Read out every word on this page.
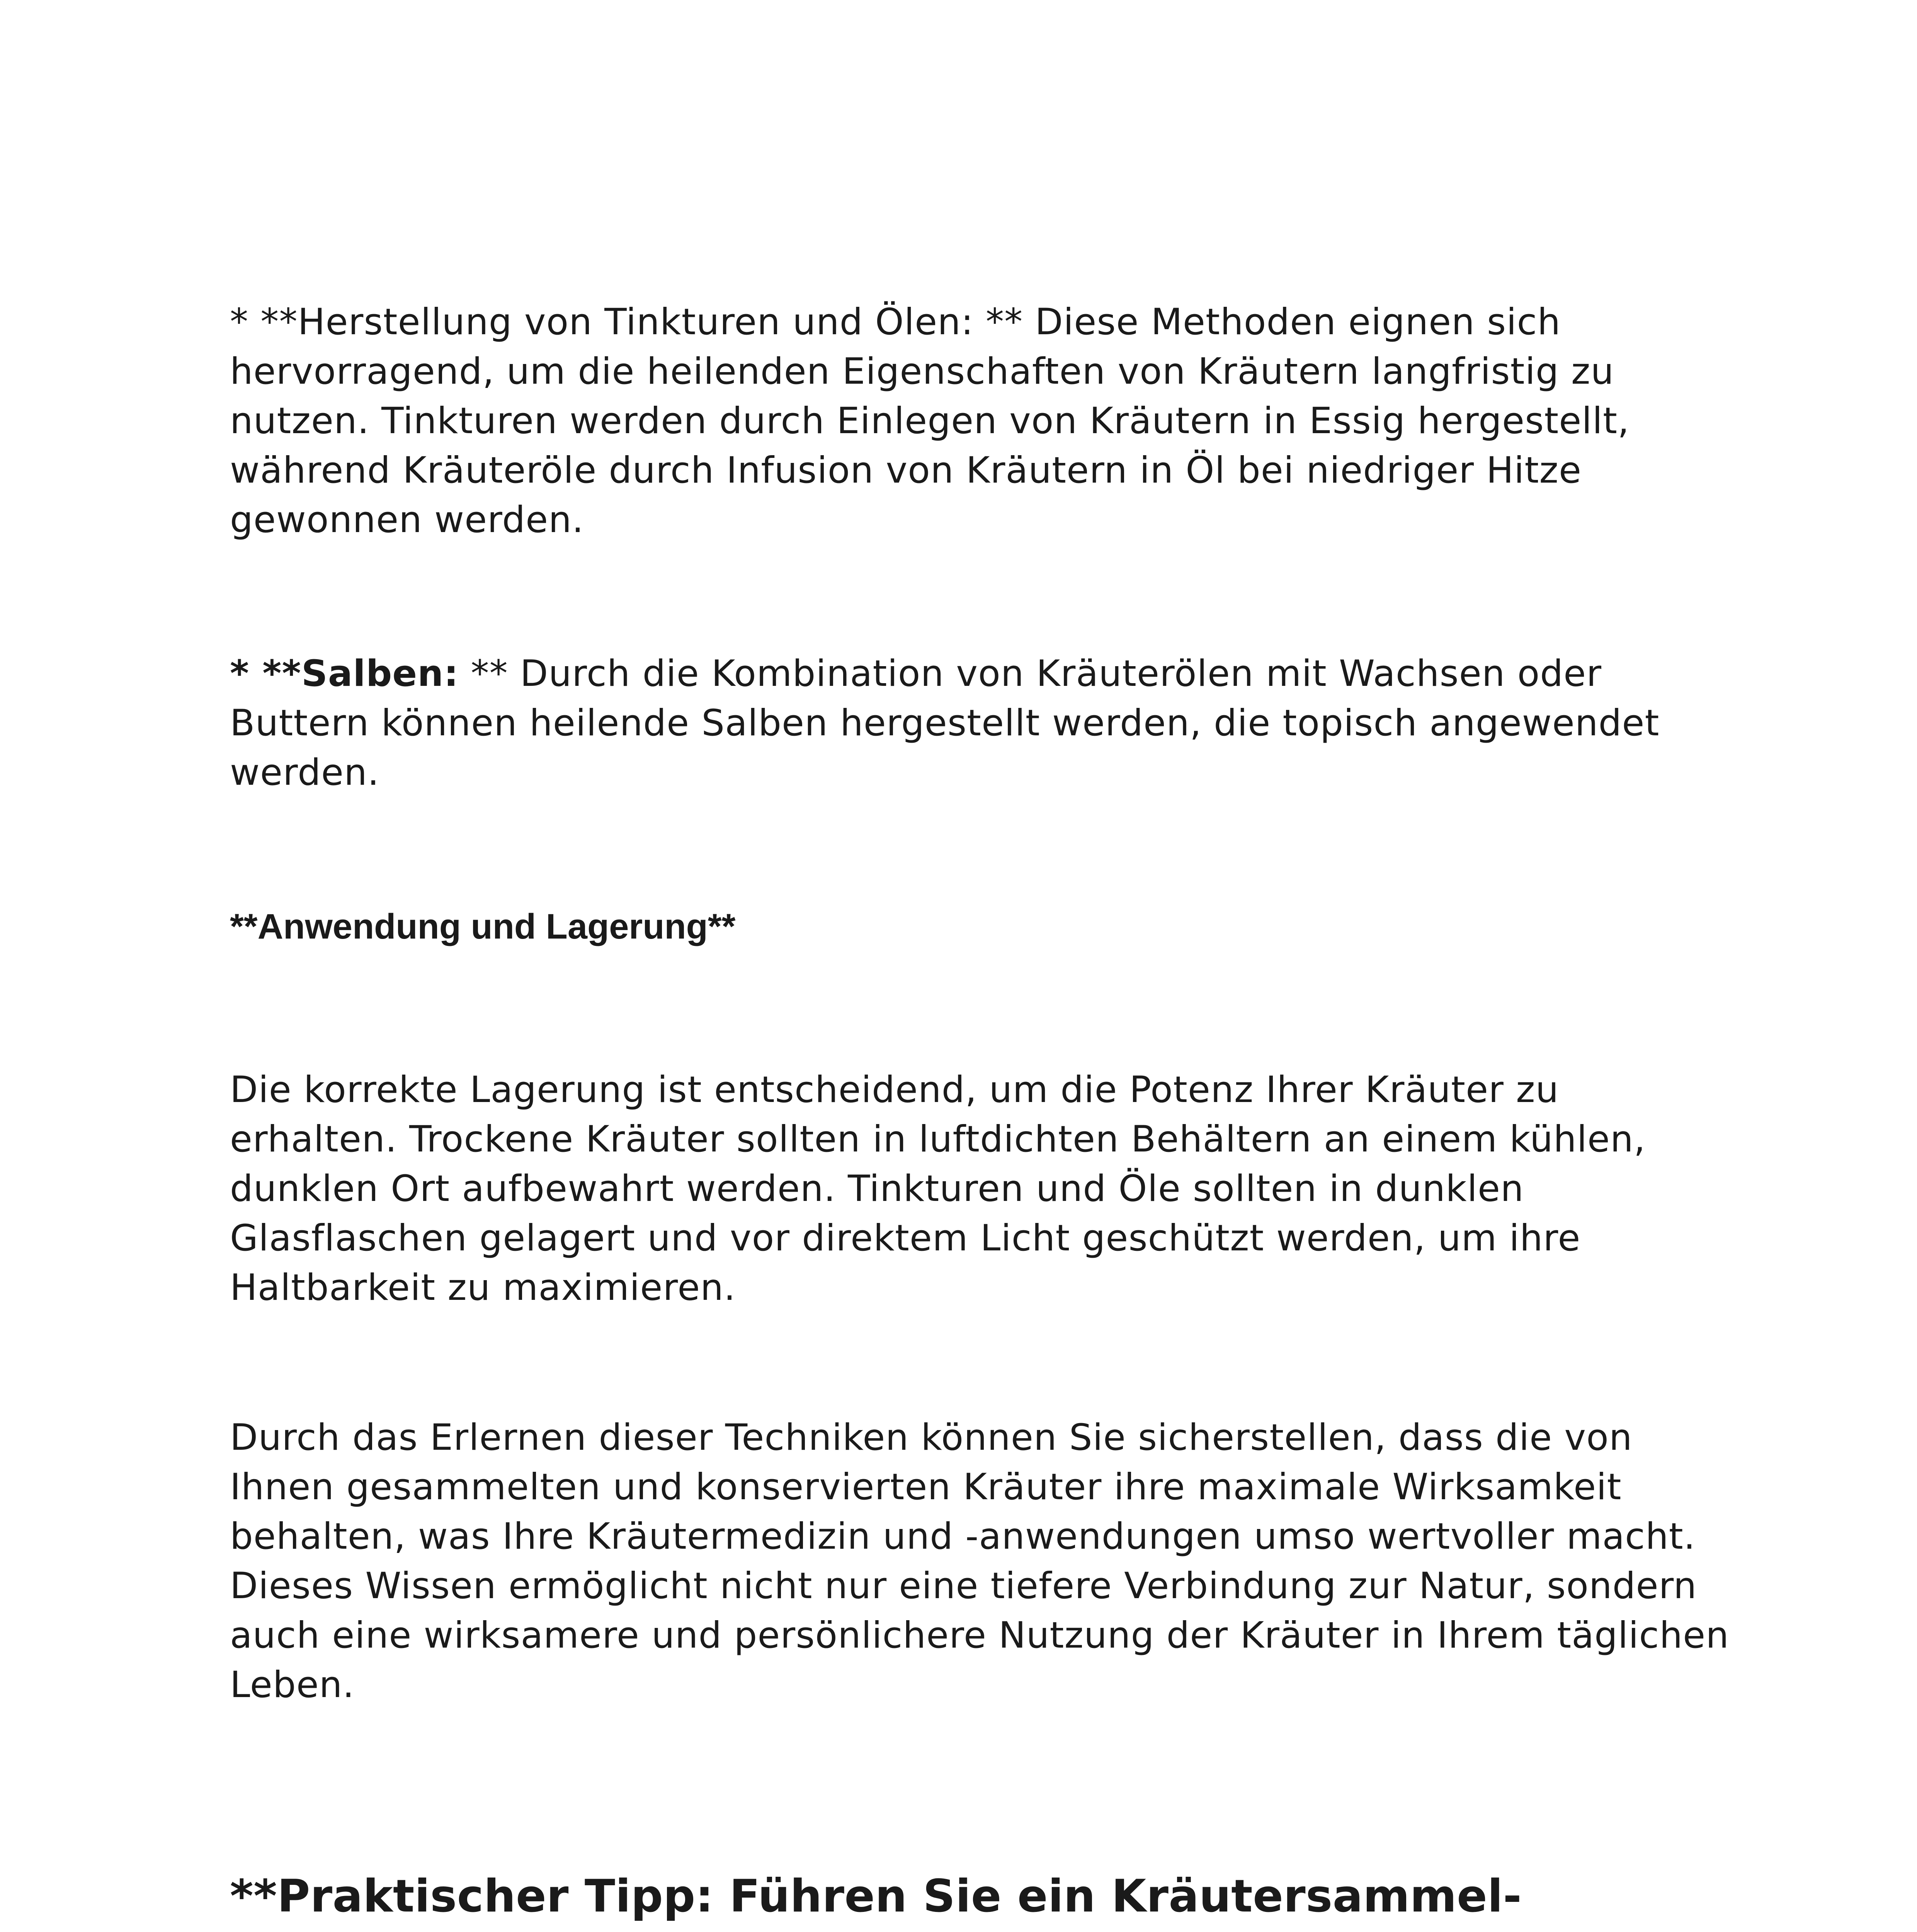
* **Herstellung von Tinkturen und Ölen: ** Diese Methoden eignen sich hervorragend, um die heilenden Eigenschaften von Kräutern langfristig zu nutzen. Tinkturen werden durch Einlegen von Kräutern in Essig hergestellt, während Kräuteröle durch Infusion von Kräutern in Öl bei niedriger Hitze gewonnen werden.

* **Salben: ** Durch die Kombination von Kräuterölen mit Wachsen oder Buttern können heilende Salben hergestellt werden, die topisch angewendet werden.

**Anwendung und Lagerung**

Die korrekte Lagerung ist entscheidend, um die Potenz Ihrer Kräuter zu erhalten. Trockene Kräuter sollten in luftdichten Behältern an einem kühlen, dunklen Ort aufbewahrt werden. Tinkturen und Öle sollten in dunklen Glasflaschen gelagert und vor direktem Licht geschützt werden, um ihre Haltbarkeit zu maximieren.

Durch das Erlernen dieser Techniken können Sie sicherstellen, dass die von Ihnen gesammelten und konservierten Kräuter ihre maximale Wirksamkeit behalten, was Ihre Kräutermedizin und -anwendungen umso wertvoller macht. Dieses Wissen ermöglicht nicht nur eine tiefere Verbindung zur Natur, sondern auch eine wirksamere und persönlichere Nutzung der Kräuter in Ihrem täglichen Leben.

**Praktischer Tipp: Führen Sie ein Kräutersammel-
